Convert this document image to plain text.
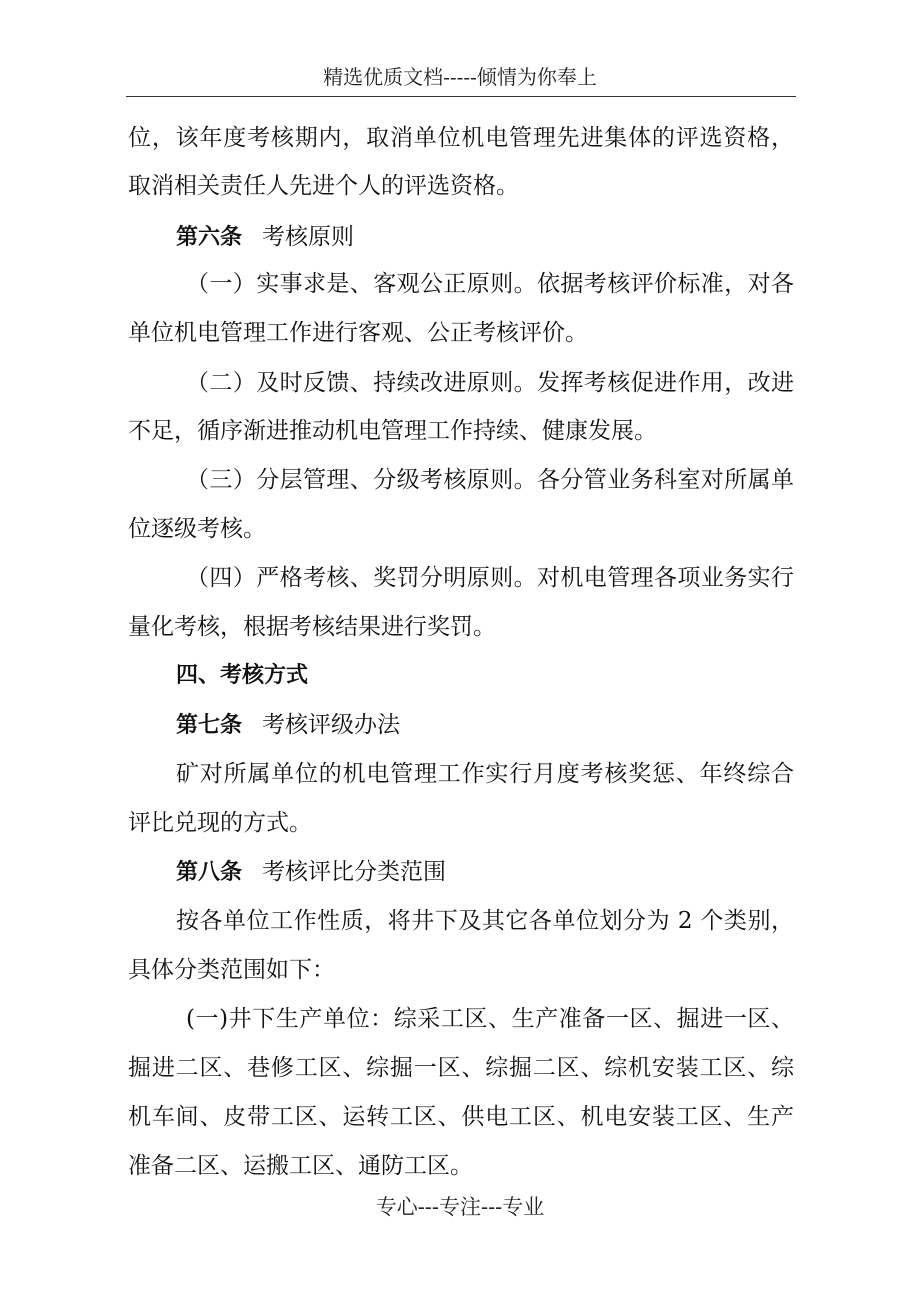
精选优质文档-----倾情为你奉上
位，该年度考核期内，取消单位机电管理先进集体的评选资格，
取消相关责任人先进个人的评选资格。
第六条 考核原则
（一）实事求是、客观公正原则。依据考核评价标准，对各
单位机电管理工作进行客观、公正考核评价。
（二）及时反馈、持续改进原则。发挥考核促进作用，改进
不足，循序渐进推动机电管理工作持续、健康发展。
（三）分层管理、分级考核原则。各分管业务科室对所属单
位逐级考核。
（四）严格考核、奖罚分明原则。对机电管理各项业务实行
量化考核，根据考核结果进行奖罚。
四、考核方式
第七条 考核评级办法
矿对所属单位的机电管理工作实行月度考核奖惩、年终综合
评比兑现的方式。
第八条 考核评比分类范围
按各单位工作性质，将井下及其它各单位划分为 2 个类别，
具体分类范围如下：
(一)井下生产单位：综采工区、生产准备一区、掘进一区、
掘进二区、巷修工区、综掘一区、综掘二区、综机安装工区、综
机车间、皮带工区、运转工区、供电工区、机电安装工区、生产
准备二区、运搬工区、通防工区。
专心---专注---专业
